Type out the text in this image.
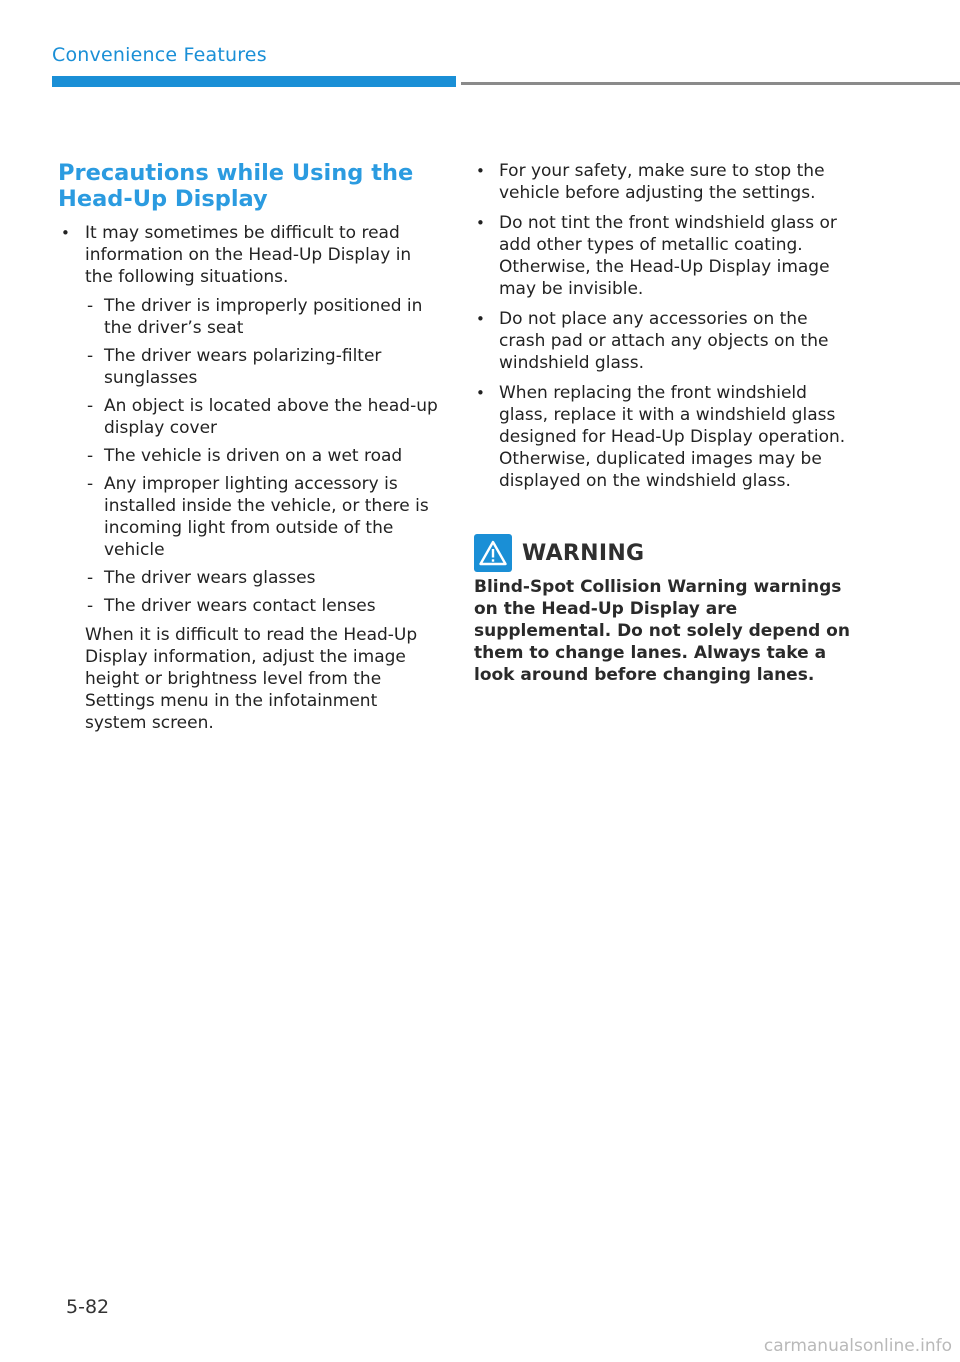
Convenience Features
Precautions while Using the Head-Up Display
• It may sometimes be difficult to read information on the Head-Up Display in the following situations.
- The driver is improperly positioned in the driver’s seat
- The driver wears polarizing-filter sunglasses
- An object is located above the head-up display cover
- The vehicle is driven on a wet road
- Any improper lighting accessory is installed inside the vehicle, or there is incoming light from outside of the vehicle
- The driver wears glasses
- The driver wears contact lenses

When it is difficult to read the Head-Up Display information, adjust the image height or brightness level from the Settings menu in the infotainment system screen.

• For your safety, make sure to stop the vehicle before adjusting the settings.
• Do not tint the front windshield glass or add other types of metallic coating. Otherwise, the Head-Up Display image may be invisible.
• Do not place any accessories on the crash pad or attach any objects on the windshield glass.
• When replacing the front windshield glass, replace it with a windshield glass designed for Head-Up Display operation. Otherwise, duplicated images may be displayed on the windshield glass.
WARNING

Blind-Spot Collision Warning warnings on the Head-Up Display are supplemental. Do not solely depend on them to change lanes. Always take a look around before changing lanes.

5-82
carmanualsonline.info
